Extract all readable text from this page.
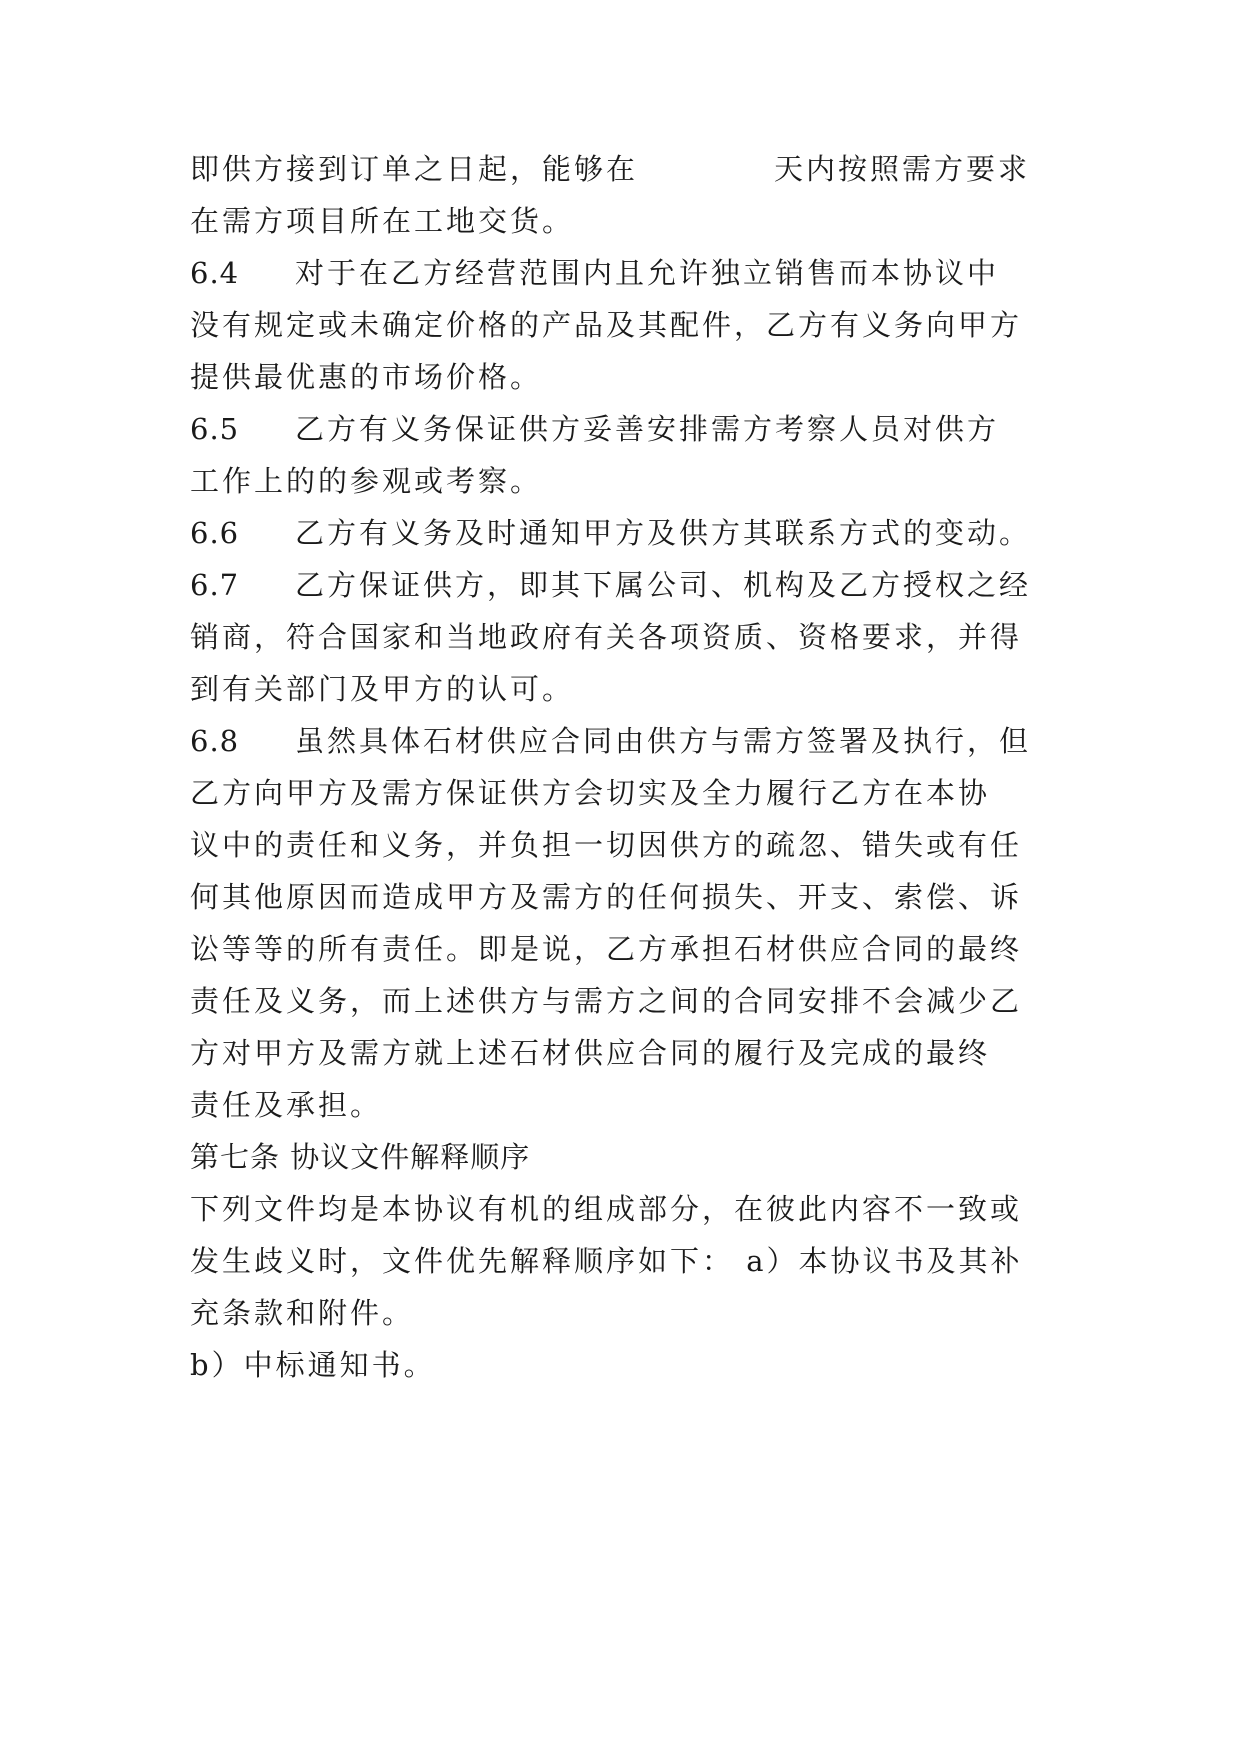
即供方接到订单之日起，能够在	天内按照需方要求
在需方项目所在工地交货。
6.4 对于在乙方经营范围内且允许独立销售而本协议中
没有规定或未确定价格的产品及其配件，乙方有义务向甲方
提供最优惠的市场价格。
6.5 乙方有义务保证供方妥善安排需方考察人员对供方
工作上的的参观或考察。
6.6 乙方有义务及时通知甲方及供方其联系方式的变动。
6.7 乙方保证供方，即其下属公司、机构及乙方授权之经
销商，符合国家和当地政府有关各项资质、资格要求，并得
到有关部门及甲方的认可。
6.8 虽然具体石材供应合同由供方与需方签署及执行，但
乙方向甲方及需方保证供方会切实及全力履行乙方在本协
议中的责任和义务，并负担一切因供方的疏忽、错失或有任
何其他原因而造成甲方及需方的任何损失、开支、索偿、诉
讼等等的所有责任。即是说，乙方承担石材供应合同的最终
责任及义务，而上述供方与需方之间的合同安排不会减少乙
方对甲方及需方就上述石材供应合同的履行及完成的最终
责任及承担。
第七条 协议文件解释顺序
下列文件均是本协议有机的组成部分，在彼此内容不一致或
发生歧义时，文件优先解释顺序如下： a）本协议书及其补
充条款和附件。
b）中标通知书。
